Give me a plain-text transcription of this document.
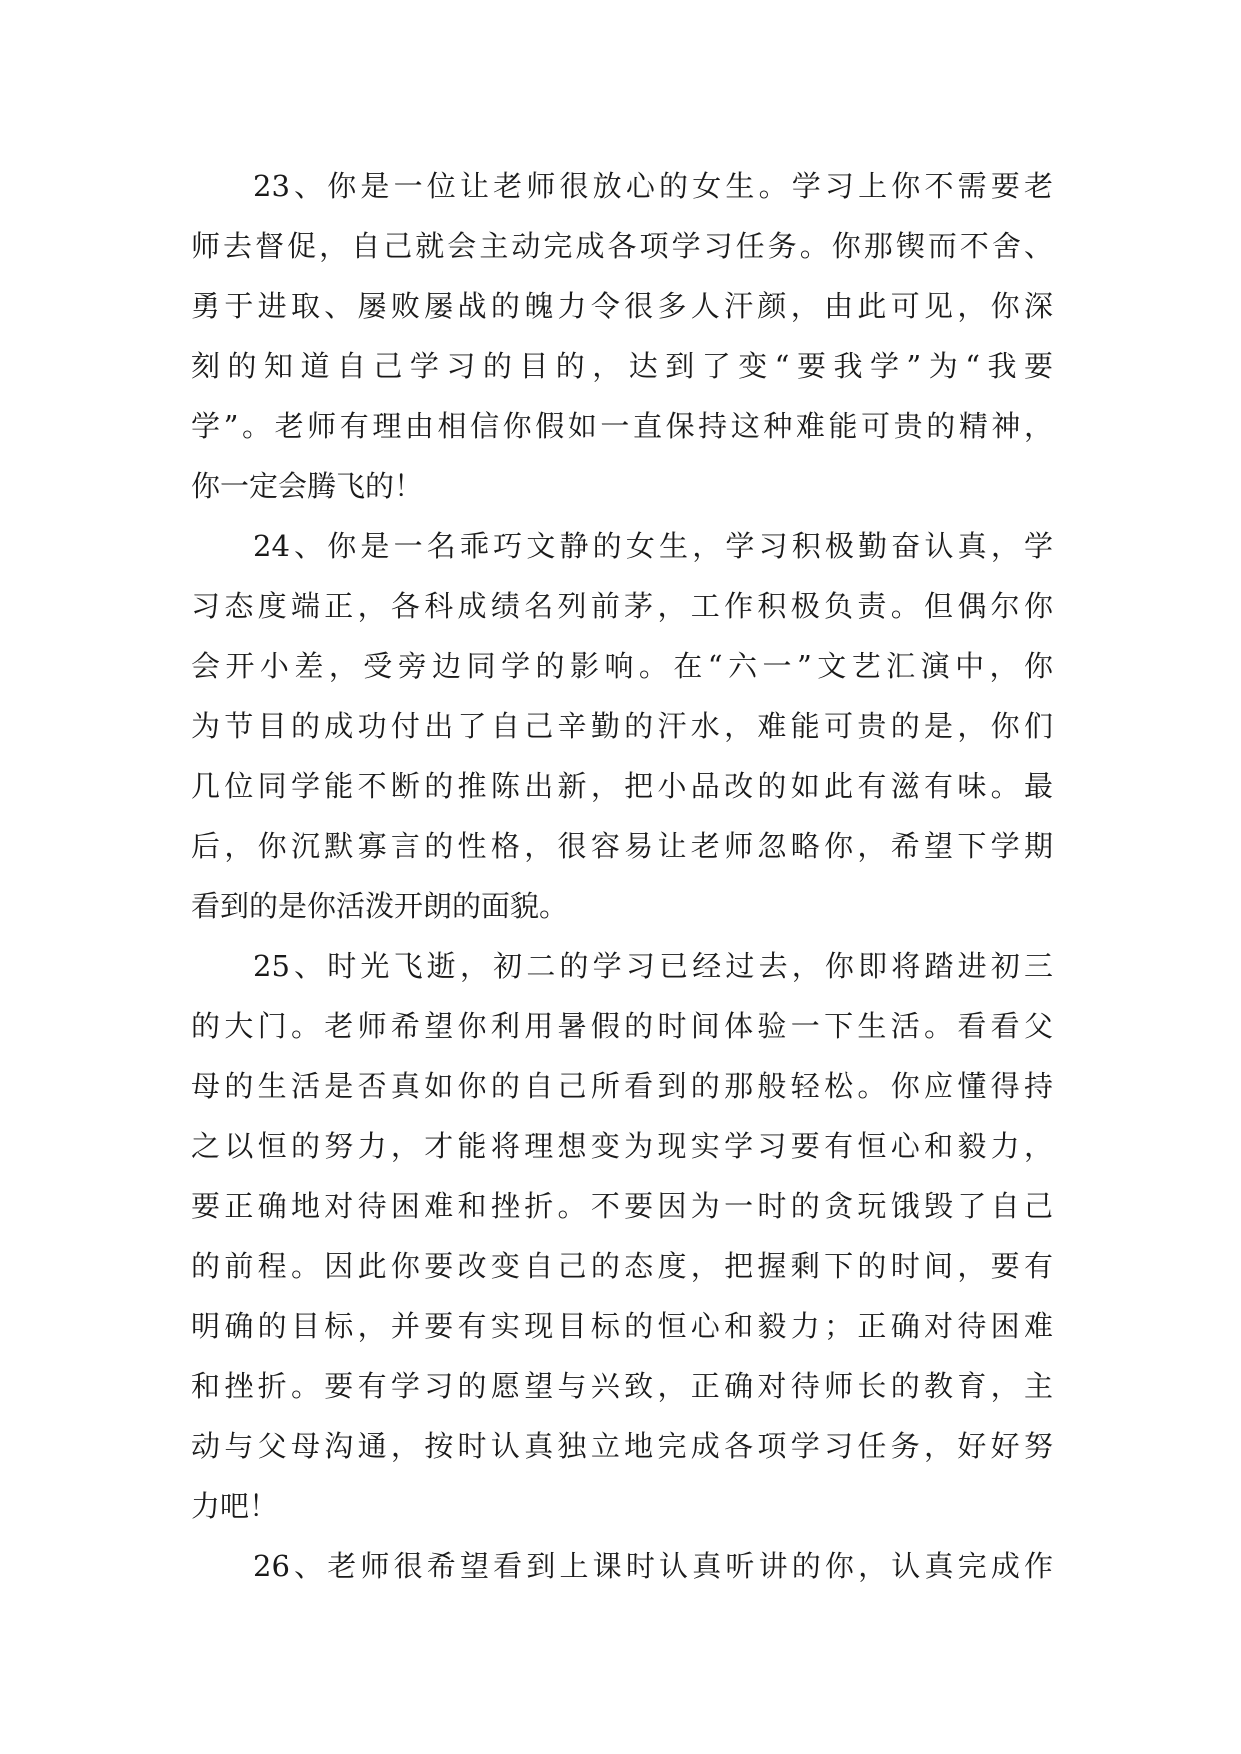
23、你是一位让老师很放心的女生。学习上你不需要老
师去督促，自己就会主动完成各项学习任务。你那锲而不舍、
勇于进取、屡败屡战的魄力令很多人汗颜，由此可见，你深
刻的知道自己学习的目的，达到了变“要我学”为“我要
学”。老师有理由相信你假如一直保持这种难能可贵的精神，
你一定会腾飞的！
24、你是一名乖巧文静的女生，学习积极勤奋认真，学
习态度端正，各科成绩名列前茅，工作积极负责。但偶尔你
会开小差，受旁边同学的影响。在“六一”文艺汇演中，你
为节目的成功付出了自己辛勤的汗水，难能可贵的是，你们
几位同学能不断的推陈出新，把小品改的如此有滋有味。最
后，你沉默寡言的性格，很容易让老师忽略你，希望下学期
看到的是你活泼开朗的面貌。
25、时光飞逝，初二的学习已经过去，你即将踏进初三
的大门。老师希望你利用暑假的时间体验一下生活。看看父
母的生活是否真如你的自己所看到的那般轻松。你应懂得持
之以恒的努力，才能将理想变为现实学习要有恒心和毅力，
要正确地对待困难和挫折。不要因为一时的贪玩饿毁了自己
的前程。因此你要改变自己的态度，把握剩下的时间，要有
明确的目标，并要有实现目标的恒心和毅力；正确对待困难
和挫折。要有学习的愿望与兴致，正确对待师长的教育，主
动与父母沟通，按时认真独立地完成各项学习任务，好好努
力吧！
26、老师很希望看到上课时认真听讲的你，认真完成作
